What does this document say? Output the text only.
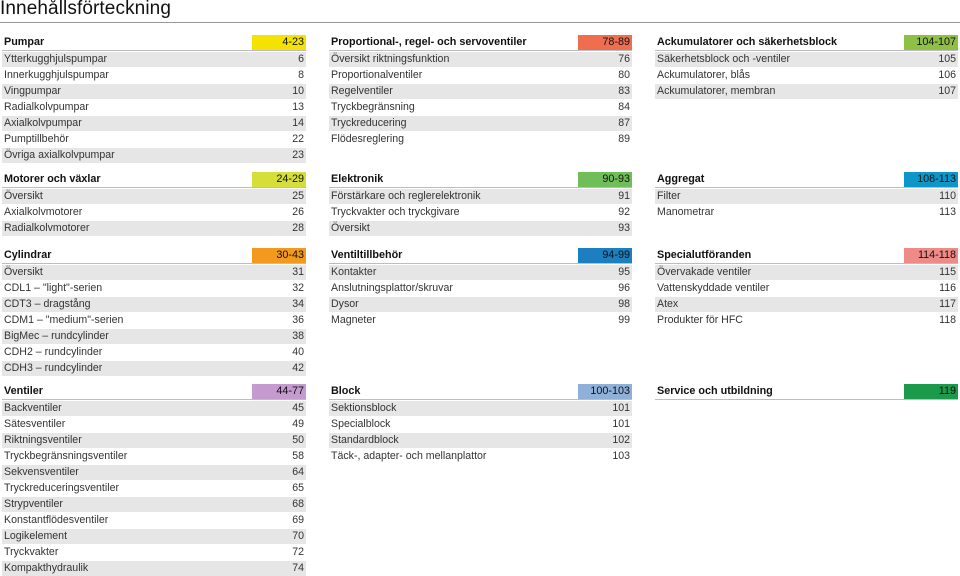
Innehållsförteckning
Pumpar	4-23
Ytterkugghjulspumpar	6
Innerkugghjulspumpar	8
Vingpumpar	10
Radialkolvpumpar	13
Axialkolvpumpar	14
Pumptillbehör	22
Övriga axialkolvpumpar	23
Motorer och växlar	24-29
Översikt	25
Axialkolvmotorer	26
Radialkolvmotorer	28
Cylindrar	30-43
Översikt	31
CDL1 – "light"-serien	32
CDT3 – dragstång	34
CDM1 – "medium"-serien	36
BigMec – rundcylinder	38
CDH2 – rundcylinder	40
CDH3 – rundcylinder	42
Ventiler	44-77
Backventiler	45
Sätesventiler	49
Riktningsventiler	50
Tryckbegränsningsventiler	58
Sekvensventiler	64
Tryckreduceringsventiler	65
Strypventiler	68
Konstantflödesventiler	69
Logikelement	70
Tryckvakter	72
Kompakthydraulik	74
Proportional-, regel- och servoventiler	78-89
Översikt riktningsfunktion	76
Proportionalventiler	80
Regelventiler	83
Tryckbegränsning	84
Tryckreducering	87
Flödesreglering	89
Elektronik	90-93
Förstärkare och reglerelektronik	91
Tryckvakter och tryckgivare	92
Översikt	93
Ventiltillbehör	94-99
Kontakter	95
Anslutningsplattor/skruvar	96
Dysor	98
Magneter	99
Block	100-103
Sektionsblock	101
Specialblock	101
Standardblock	102
Täck-, adapter- och mellanplattor	103
Ackumulatorer och säkerhetsblock	104-107
Säkerhetsblock och -ventiler	105
Ackumulatorer, blås	106
Ackumulatorer, membran	107
Aggregat	108-113
Filter	110
Manometrar	113
Specialutföranden	114-118
Övervakade ventiler	115
Vattenskyddade ventiler	116
Atex	117
Produkter för HFC	118
Service och utbildning	119
